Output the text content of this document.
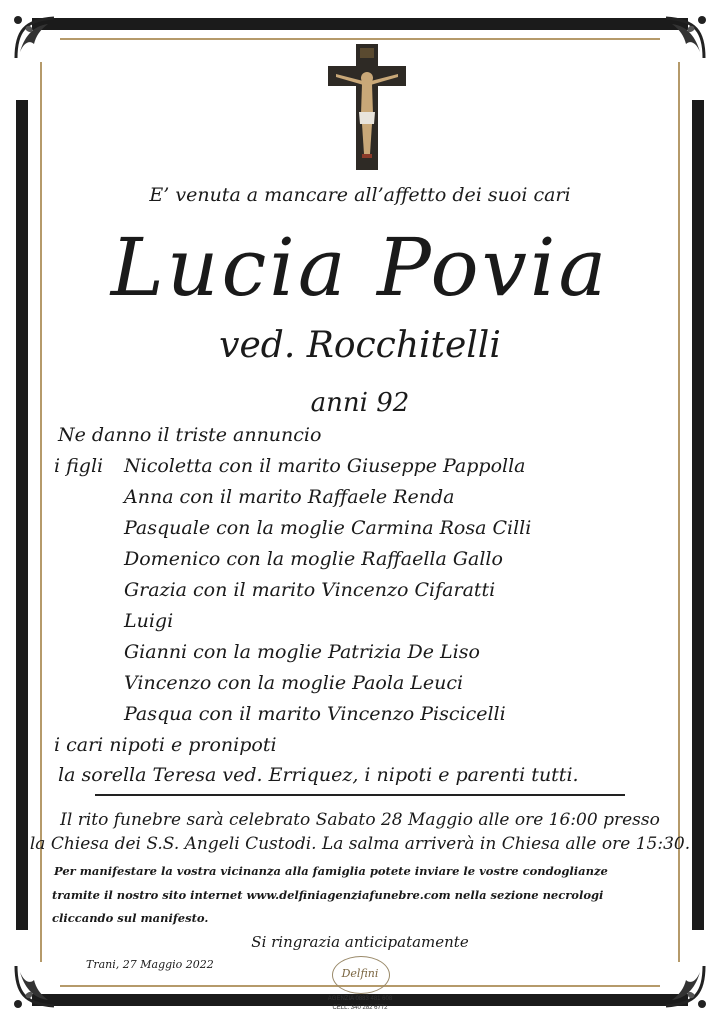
E’ venuta a mancare all’affetto dei suoi cari
Lucia Povia
ved. Rocchitelli
anni 92
Ne danno il triste annuncio
i figli Nicoletta con il marito Giuseppe Pappolla
Anna con il marito Raffaele Renda
Pasquale con la moglie Carmina Rosa Cilli
Domenico con la moglie Raffaella Gallo
Grazia con il marito Vincenzo Cifaratti
Luigi
Gianni con la moglie Patrizia De Liso
Vincenzo con la moglie Paola Leuci
Pasqua con il marito Vincenzo Piscicelli
i cari nipoti e pronipoti
la sorella Teresa ved. Erriquez, i nipoti e parenti tutti.
Il rito funebre sarà celebrato Sabato 28 Maggio alle ore 16:00 presso
la Chiesa dei S.S. Angeli Custodi. La salma arriverà in Chiesa alle ore 15:30.
Per manifestare la vostra vicinanza alla famiglia potete inviare le vostre condoglianze
tramite il nostro sito internet www.delfiniagenziafunebre.com nella sezione necrologi
cliccando sul manifesto.
Si ringrazia anticipatamente
Trani, 27 Maggio 2022
Delfini
AGENZIA 0883 481 608
CELL. 340 282 6772
